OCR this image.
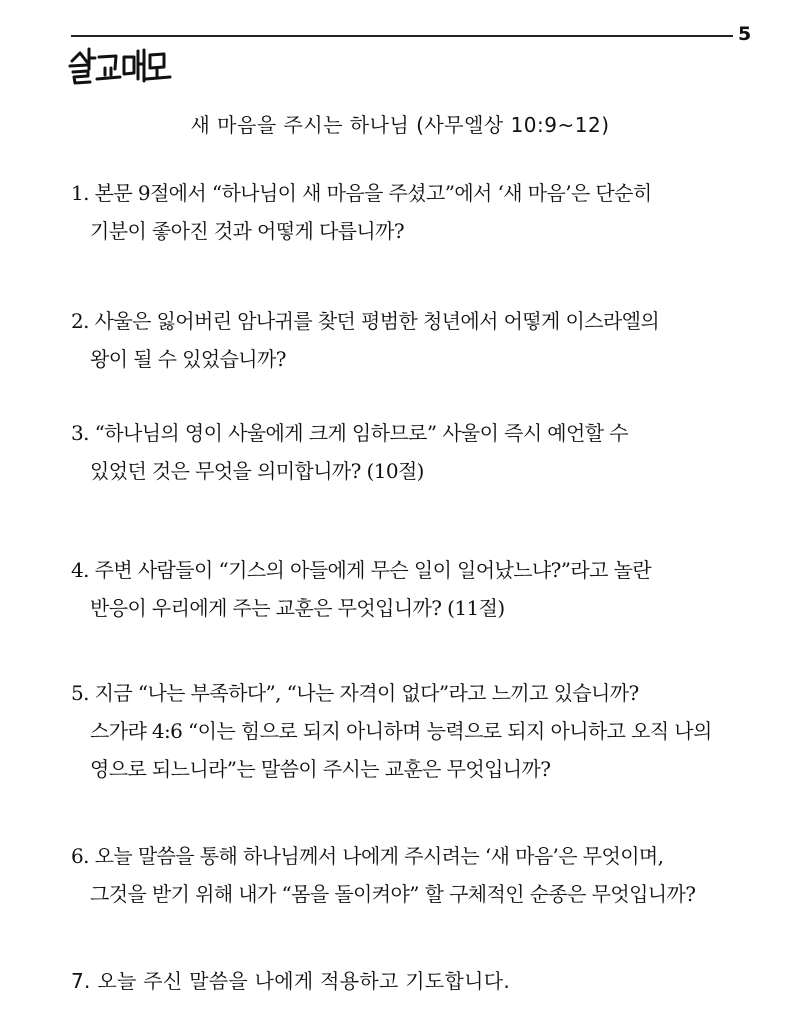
5
새 마음을 주시는 하나님 (사무엘상 10:9~12)
1. 본문 9절에서 “하나님이 새 마음을 주셨고”에서 ‘새 마음’은 단순히
기분이 좋아진 것과 어떻게 다릅니까?
2. 사울은 잃어버린 암나귀를 찾던 평범한 청년에서 어떻게 이스라엘의
왕이 될 수 있었습니까?
3. “하나님의 영이 사울에게 크게 임하므로” 사울이 즉시 예언할 수
있었던 것은 무엇을 의미합니까? (10절)
4. 주변 사람들이 “기스의 아들에게 무슨 일이 일어났느냐?”라고 놀란
반응이 우리에게 주는 교훈은 무엇입니까? (11절)
5. 지금 “나는 부족하다”, “나는 자격이 없다”라고 느끼고 있습니까?
스가랴 4:6 “이는 힘으로 되지 아니하며 능력으로 되지 아니하고 오직 나의
영으로 되느니라”는 말씀이 주시는 교훈은 무엇입니까?
6. 오늘 말씀을 통해 하나님께서 나에게 주시려는 ‘새 마음’은 무엇이며,
그것을 받기 위해 내가 “몸을 돌이켜야” 할 구체적인 순종은 무엇입니까?
7. 오늘 주신 말씀을 나에게 적용하고 기도합니다.
